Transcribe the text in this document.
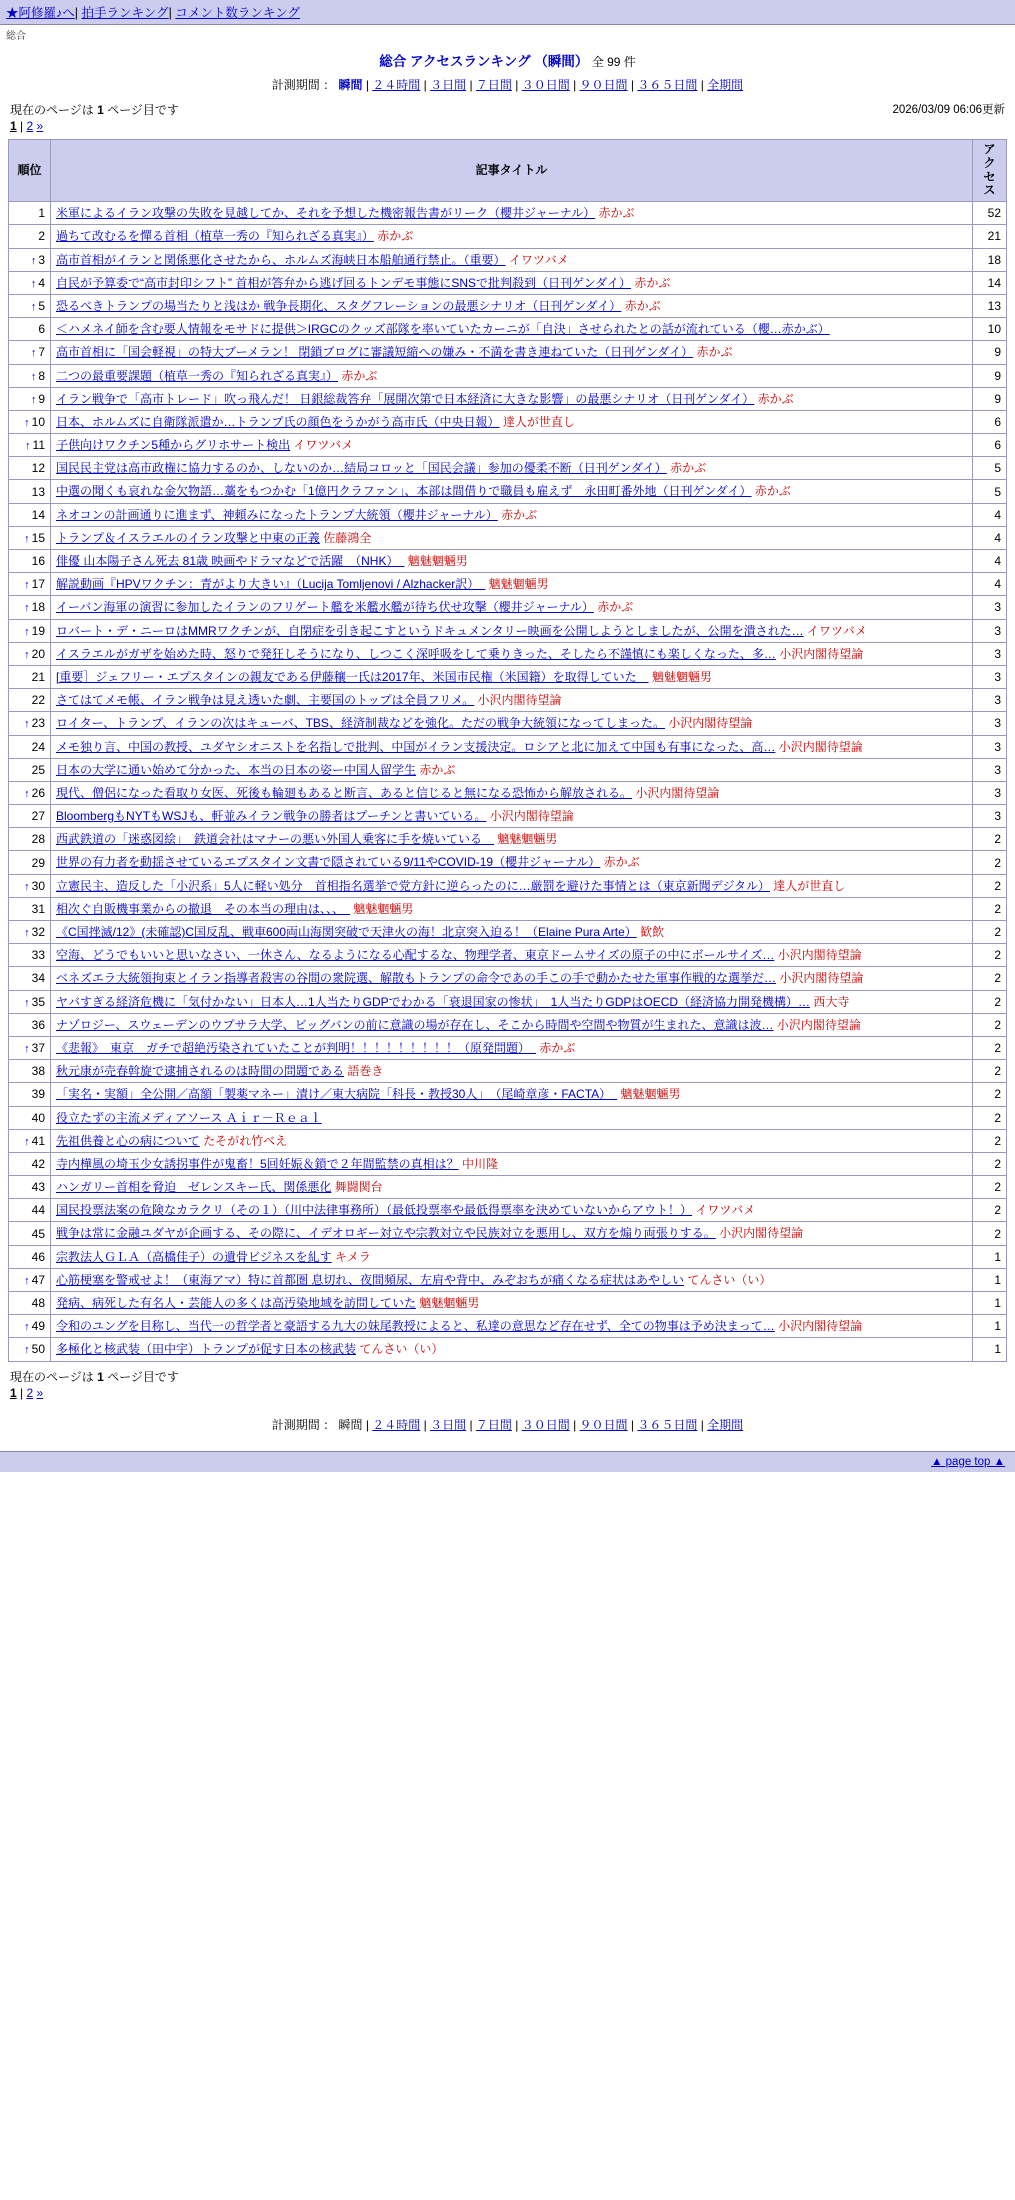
★阿修羅♪へ| 拍手ランキング| コメント数ランキング
総合
総合 アクセスランキング （瞬間） 全 99 件
計測期間 ： 瞬間 | ２４時間 | ３日間 | ７日間 | ３０日間 | ９０日間 | ３６５日間 | 全期間
現在のページは 1 ページ目です	2026/03/09 06:06更新
1 | 2 »
順位	記事タイトル	アクセス
1	米軍によるイラン攻撃の失敗を見越してか、それを予想した機密報告書がリーク（櫻井ジャーナル） 赤かぶ	52
2	過ちて改むるを憚る首相（植草一秀の『知られざる真実』） 赤かぶ	21
↑ 3	高市首相がイランと関係悪化させたから、ホルムズ海峡日本船舶通行禁止。（重要） イワツバメ	18
↑ 4	自民が予算委で“高市封印シフト” 首相が答弁から逃げ回るトンデモ事態にSNSで批判殺到（日刊ゲンダイ） 赤かぶ	14
↑ 5	恐るべきトランプの場当たりと浅はか 戦争長期化、スタグフレーションの最悪シナリオ（日刊ゲンダイ） 赤かぶ	13
6	＜ハメネイ師を含む要人情報をモサドに提供＞IRGCのクッズ部隊を率いていたカーニが「自決」させられたとの話が流れている（櫻…赤かぶ）	10
↑ 7	高市首相に「国会軽視」の特大ブーメラン！ 閉鎖ブログに審議短縮への嫌み・不満を書き連ねていた（日刊ゲンダイ） 赤かぶ	9
↑ 8	二つの最重要課題（植草一秀の『知られざる真実』） 赤かぶ	9
↑ 9	イラン戦争で「高市トレード」吹っ飛んだ！ 日銀総裁答弁「展開次第で日本経済に大きな影響」の最悪シナリオ（日刊ゲンダイ） 赤かぶ	9
↑ 10	日本、ホルムズに自衛隊派遣か…トランプ氏の顔色をうかがう高市氏（中央日報） 達人が世直し	6
↑ 11	子供向けワクチン5種からグリホサート検出 イワツバメ	6
12	国民民主党は高市政権に協力するのか、しないのか…結局コロッと「国民会議」参加の優柔不断（日刊ゲンダイ） 赤かぶ	5
13	中選の聞くも哀れな金欠物語…藁をもつかむ「1億円クラファン」、本部は間借りで職員も雇えず　永田町番外地（日刊ゲンダイ） 赤かぶ	5
14	ネオコンの計画通りに進まず、神頼みになったトランプ大統領（櫻井ジャーナル） 赤かぶ	4
↑ 15	トランプ＆イスラエルのイラン攻撃と中東の正義 佐藤鴻全	4
16	俳優 山本陽子さん死去 81歳 映画やドラマなどで活躍　（NHK）　 魑魅魍魎男	4
↑ 17	解説動画『HPVワクチン：青がより大きい』（Lucija Tomljenovi / Alzhacker訳）　 魑魅魍魎男	4
↑ 18	イーバン海軍の演習に参加したイランのフリゲート艦を米艦水艦が待ち伏せ攻撃（櫻井ジャーナル） 赤かぶ	3
↑ 19	ロバート・デ・ニーロはMMRワクチンが、自閉症を引き起こすというドキュメンタリー映画を公開しようとしましたが、公開を潰された… イワツバメ	3
↑ 20	イスラエルがガザを始めた時、怒りで発狂しそうになり、しつこく深呼吸をして乗りきった、そしたら不謹慎にも楽しくなった、多… 小沢内閣待望論	3
21	[重要］ジェフリー・エプスタインの親友である伊藤穰一氏は2017年、米国市民権（米国籍）を取得していた　 魑魅魍魎男	3
22	さてはてメモ帳、イラン戦争は見え透いた劇、主要国のトップは全員フリメ。 小沢内閣待望論	3
↑ 23	ロイター、トランプ、イランの次はキューバ、TBS、経済制裁などを強化。ただの戦争大統領になってしまった。 小沢内閣待望論	3
24	メモ独り言、中国の教授、ユダヤシオニストを名指しで批判、中国がイラン支援決定。ロシアと北に加えて中国も有事になった、高… 小沢内閣待望論	3
25	日本の大学に通い始めて分かった、本当の日本の姿ー中国人留学生 赤かぶ	3
↑ 26	現代、僧侶になった看取り女医、死後も輪廻もあると断言、あると信じると無になる恐怖から解放される。 小沢内閣待望論	3
27	BloombergもNYTもWSJも、軒並みイラン戦争の勝者はプーチンと書いている。 小沢内閣待望論	3
28	西武鉄道の「迷惑図絵」　鉄道会社はマナーの悪い外国人乗客に手を焼いている　 魑魅魍魎男	2
29	世界の有力者を動揺させているエプスタイン文書で隠されている9/11やCOVID-19（櫻井ジャーナル） 赤かぶ	2
↑ 30	立憲民主、造反した「小沢系」5人に軽い処分　首相指名選挙で党方針に逆らったのに…厳罰を避けた事情とは（東京新聞デジタル） 達人が世直し	2
31	相次ぐ自販機事業からの撤退　その本当の理由は、、、　 魑魅魍魎男	2
↑ 32	《C国挫滅/12》(未確認)C国反乱、戦車600両山海関突破で天津火の海！北京突入迫る！（Elaine Pura Arte） 歓飲	2
33	空海、どうでもいいと思いなさい、一休さん、なるようになる心配するな、物理学者、東京ドームサイズの原子の中にボールサイズ… 小沢内閣待望論	2
34	ベネズエラ大統領拘束とイラン指導者殺害の谷間の衆院選、解散もトランプの命令であの手この手で動かたせた軍事作戦的な選挙だ… 小沢内閣待望論	2
↑ 35	ヤバすぎる経済危機に「気付かない」日本人…1人当たりGDPでわかる「衰退国家の惨状」　1人当たりGDPはOECD（経済協力開発機構）… 西大寺	2
36	ナゾロジー、スウェーデンのウプサラ大学、ビッグバンの前に意識の場が存在し、そこから時間や空間や物質が生まれた、意識は波… 小沢内閣待望論	2
↑ 37	《悲報》　東京　ガチで超絶汚染されていたことが判明！！！！！！！！！（原発問題）　 赤かぶ	2
38	秋元康が売春斡旋で逮捕されるのは時間の問題である 語巻き	2
39	「実名・実額」全公開／高額「製薬マネー」漬け／東大病院「科長・教授30人」　（尾崎章彦・FACTA）　 魑魅魍魎男	2
40	役立たずの主流メディアソース Ａｉｒ－Ｒｅａｌ	2
↑ 41	先祖供養と心の病について たそがれ竹べえ	2
42	寺内樺風の埼玉少女誘拐事件が鬼畜！5回妊娠＆鎖で２年間監禁の真相は？ 中川隆	2
43	ハンガリー首相を脅迫　ゼレンスキー氏、関係悪化 舞闘関台	2
44	国民投票法案の危険なカラクリ（その１）（川中法律事務所）（最低投票率や最低得票率を決めていないからアウト！） イワツバメ	2
45	戦争は常に金融ユダヤが企画する、その際に、イデオロギー対立や宗教対立や民族対立を悪用し、双方を煽り両張りする。 小沢内閣待望論	2
46	宗教法人ＧＬＡ（高橋佳子）の遺骨ビジネスを糺す キメラ	1
↑ 47	心筋梗塞を警戒せよ！（東海アマ）特に首都圏 息切れ、夜間頻尿、左肩や背中、みぞおちが痛くなる症状はあやしい てんさい（い）	1
48	発病、病死した有名人・芸能人の多くは高汚染地域を訪問していた 魑魅魍魎男	1
↑ 49	令和のユングを目称し、当代一の哲学者と豪語する九大の妹尾教授によると、私達の意思など存在せず、全ての物事は予め決まって… 小沢内閣待望論	1
↑ 50	多極化と核武装（田中宇）トランプが促す日本の核武装 てんさい（い）	1
現在のページは 1 ページ目です
1 | 2 »
計測期間 ： 瞬間 | ２４時間 | ３日間 | ７日間 | ３０日間 | ９０日間 | ３６５日間 | 全期間
▲ page top ▲
